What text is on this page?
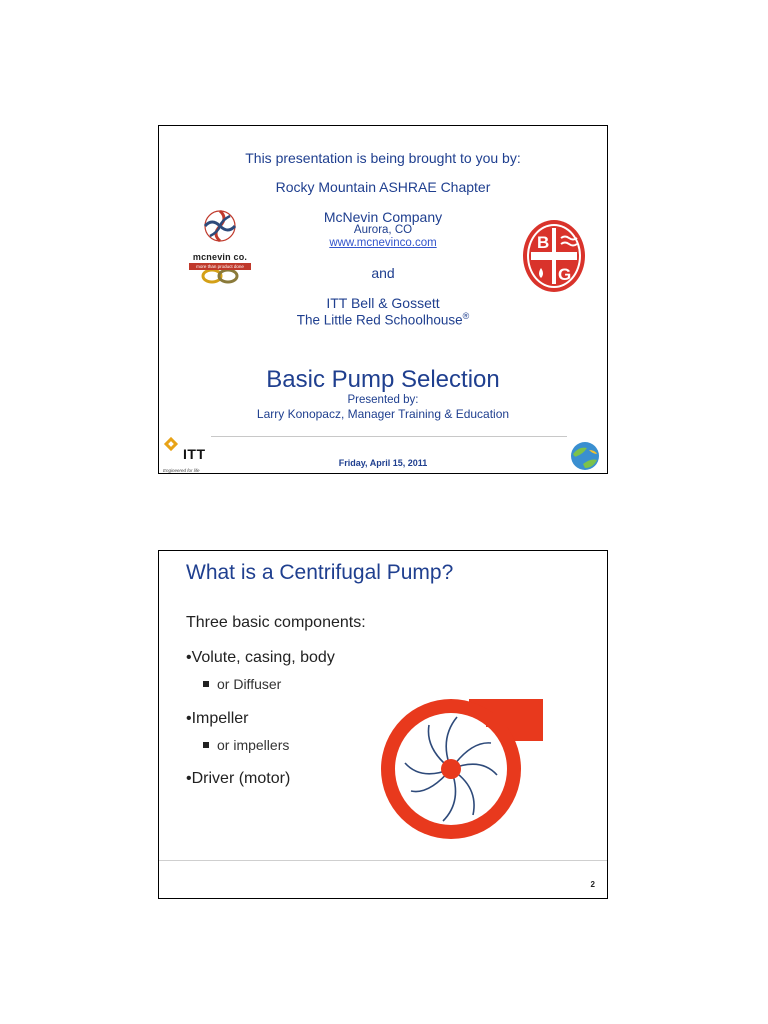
This presentation is being brought to you by:
Rocky Mountain ASHRAE Chapter
mcnevin co.
more than product done
McNevin Company
Aurora, CO
www.mcnevinco.com
and
ITT Bell & Gossett
The Little Red Schoolhouse®
B
G
Basic Pump Selection
Presented by:
Larry Konopacz, Manager Training & Education
ITT
Engineered for life
Friday, April 15, 2011
What is a Centrifugal Pump?
Three basic components:
•Volute, casing, body
or Diffuser
•Impeller
or impellers
•Driver (motor)
2
